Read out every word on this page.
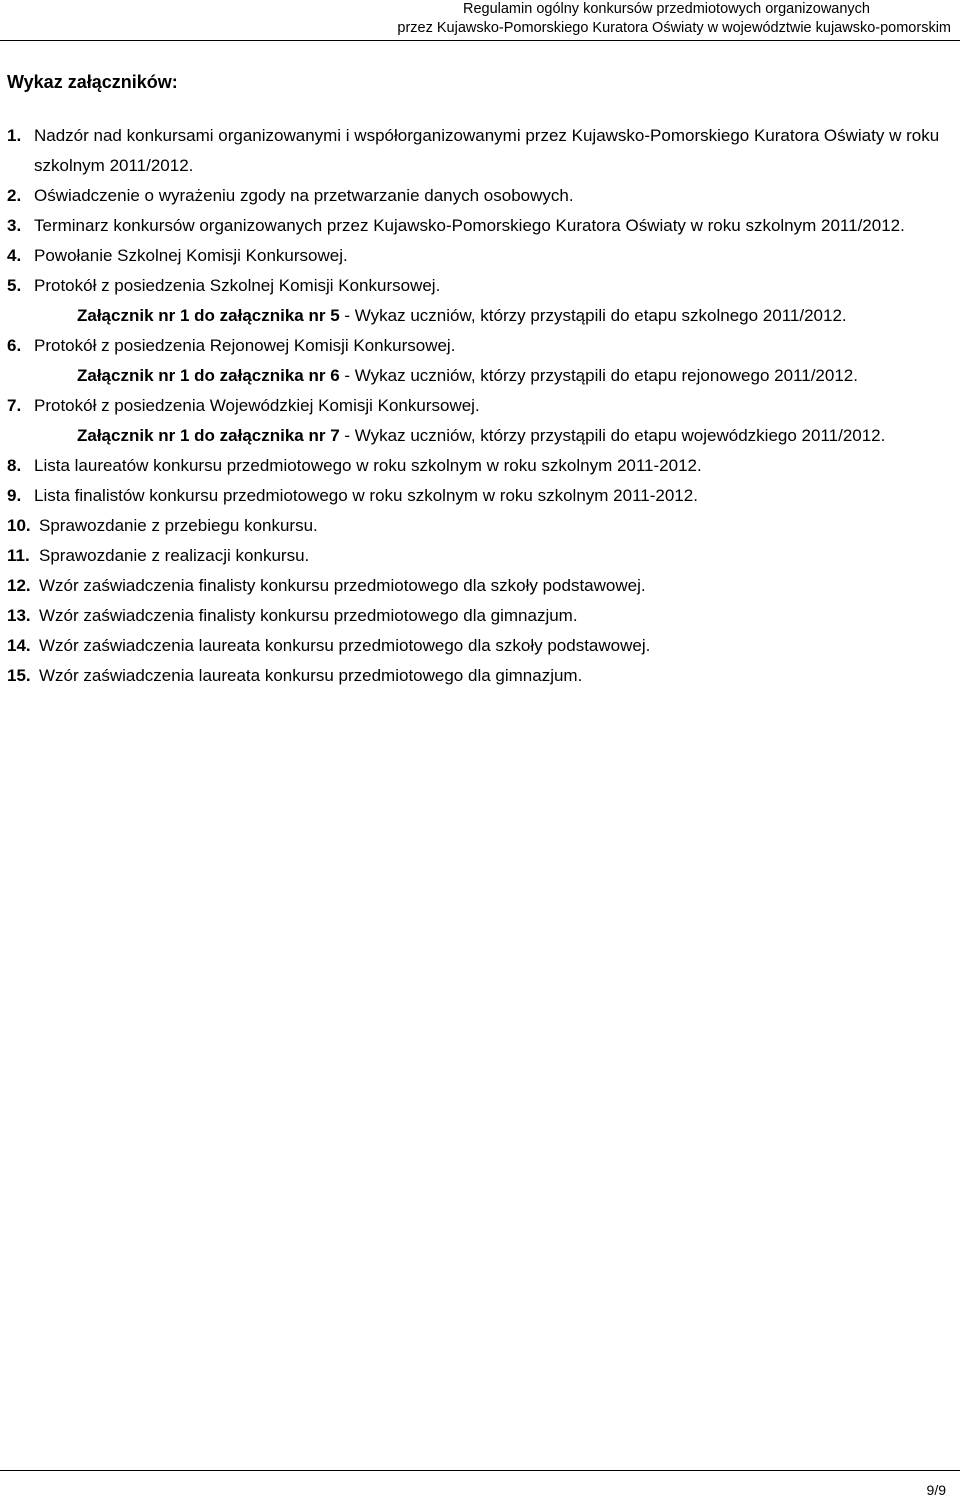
Regulamin ogólny konkursów przedmiotowych organizowanych
przez Kujawsko-Pomorskiego Kuratora Oświaty w województwie kujawsko-pomorskim
Wykaz załączników:
1. Nadzór nad konkursami organizowanymi i współorganizowanymi przez Kujawsko-Pomorskiego Kuratora Oświaty w roku szkolnym 2011/2012.
2. Oświadczenie o wyrażeniu zgody na przetwarzanie danych osobowych.
3. Terminarz konkursów organizowanych przez Kujawsko-Pomorskiego Kuratora Oświaty w roku szkolnym 2011/2012.
4. Powołanie Szkolnej Komisji Konkursowej.
5. Protokół z posiedzenia Szkolnej Komisji Konkursowej.
Załącznik nr 1 do załącznika nr 5 - Wykaz uczniów, którzy przystąpili do etapu szkolnego 2011/2012.
6. Protokół z posiedzenia Rejonowej Komisji Konkursowej.
Załącznik nr 1 do załącznika nr 6 - Wykaz uczniów, którzy przystąpili do etapu rejonowego 2011/2012.
7. Protokół z posiedzenia Wojewódzkiej Komisji Konkursowej.
Załącznik nr 1 do załącznika nr 7 - Wykaz uczniów, którzy przystąpili do etapu wojewódzkiego 2011/2012.
8. Lista laureatów konkursu przedmiotowego w roku szkolnym w roku szkolnym 2011-2012.
9. Lista finalistów konkursu przedmiotowego w roku szkolnym w roku szkolnym 2011-2012.
10. Sprawozdanie z przebiegu konkursu.
11. Sprawozdanie z realizacji konkursu.
12. Wzór zaświadczenia finalisty konkursu przedmiotowego dla szkoły podstawowej.
13. Wzór zaświadczenia finalisty konkursu przedmiotowego dla gimnazjum.
14. Wzór zaświadczenia laureata konkursu przedmiotowego dla szkoły podstawowej.
15. Wzór zaświadczenia laureata konkursu przedmiotowego dla gimnazjum.
9/9
